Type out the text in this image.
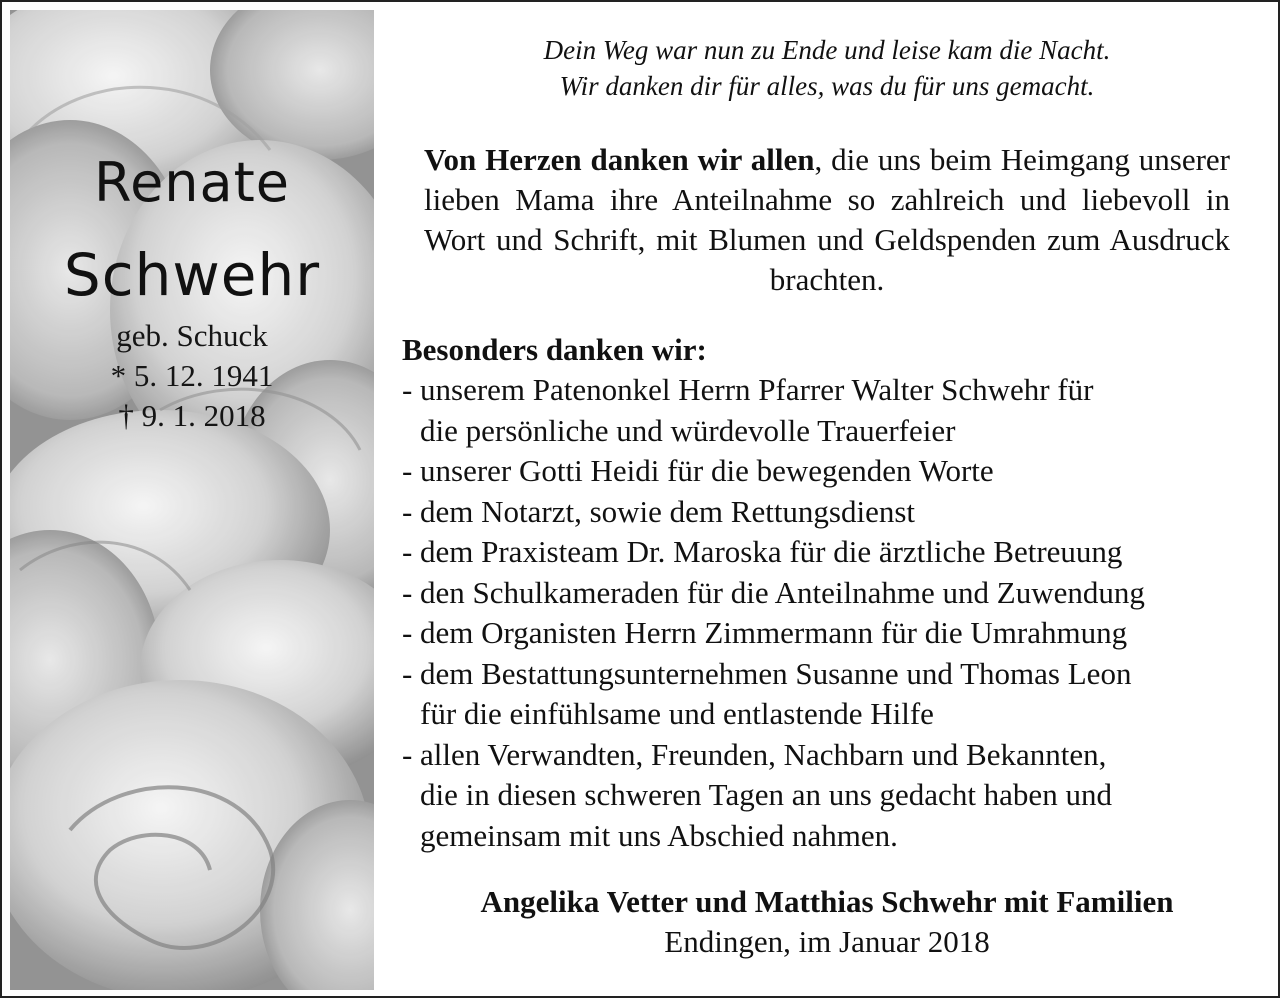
Renate
Schwehr
geb. Schuck
* 5. 12. 1941
† 9. 1. 2018
Dein Weg war nun zu Ende und leise kam die Nacht.
Wir danken dir für alles, was du für uns gemacht.
Von Herzen danken wir allen, die uns beim Heimgang unserer lieben Mama ihre Anteilnahme so zahlreich und liebevoll in Wort und Schrift, mit Blumen und Geldspenden zum Ausdruck brachten.
Besonders danken wir:
- unserem Patenonkel Herrn Pfarrer Walter Schwehr für
die persönliche und würdevolle Trauerfeier
- unserer Gotti Heidi für die bewegenden Worte
- dem Notarzt, sowie dem Rettungsdienst
- dem Praxisteam Dr. Maroska für die ärztliche Betreuung
- den Schulkameraden für die Anteilnahme und Zuwendung
- dem Organisten Herrn Zimmermann für die Umrahmung
- dem Bestattungsunternehmen Susanne und Thomas Leon
für die einfühlsame und entlastende Hilfe
- allen Verwandten, Freunden, Nachbarn und Bekannten,
die in diesen schweren Tagen an uns gedacht haben und
gemeinsam mit uns Abschied nahmen.
Angelika Vetter und Matthias Schwehr mit Familien
Endingen, im Januar 2018
